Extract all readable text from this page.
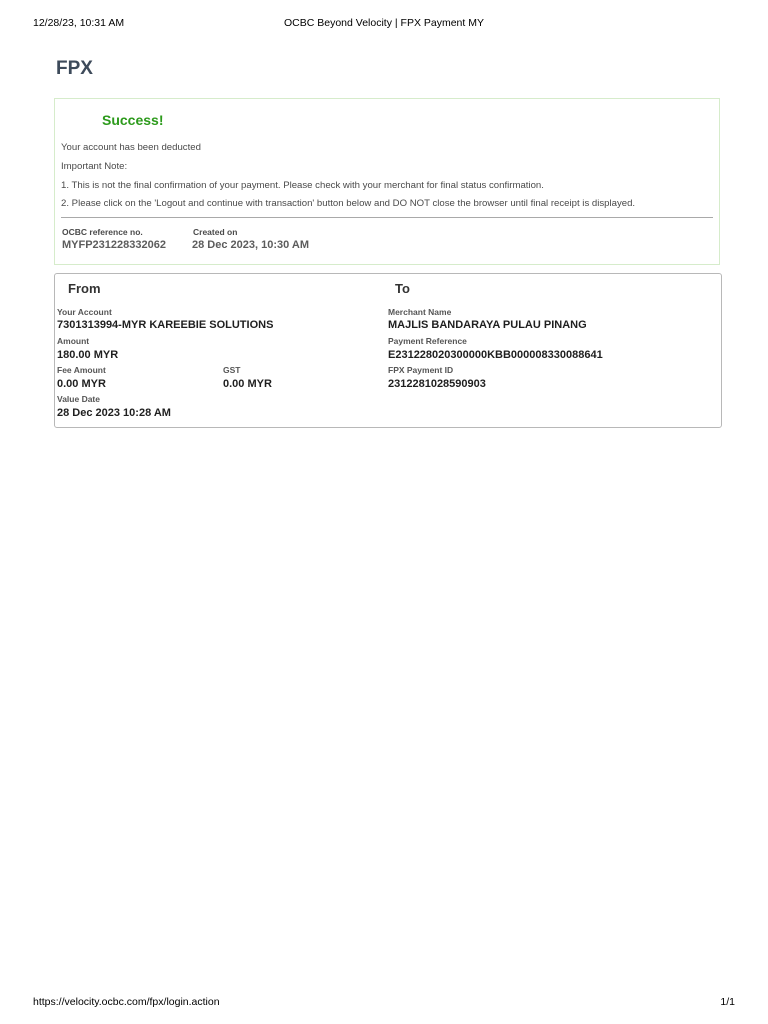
12/28/23, 10:31 AM	OCBC Beyond Velocity | FPX Payment MY
FPX
Success!
Your account has been deducted
Important Note:
1. This is not the final confirmation of your payment. Please check with your merchant for final status confirmation.
2. Please click on the 'Logout and continue with transaction' button below and DO NOT close the browser until final receipt is displayed.
OCBC reference no.
MYFP231228332062
Created on
28 Dec 2023, 10:30 AM
From
Your Account
7301313994-MYR KAREEBIE SOLUTIONS
Amount
180.00 MYR
Fee Amount
0.00 MYR
GST
0.00 MYR
Value Date
28 Dec 2023 10:28 AM
To
Merchant Name
MAJLIS BANDARAYA PULAU PINANG
Payment Reference
E231228020300000KBB000008330088641
FPX Payment ID
2312281028590903
https://velocity.ocbc.com/fpx/login.action	1/1
